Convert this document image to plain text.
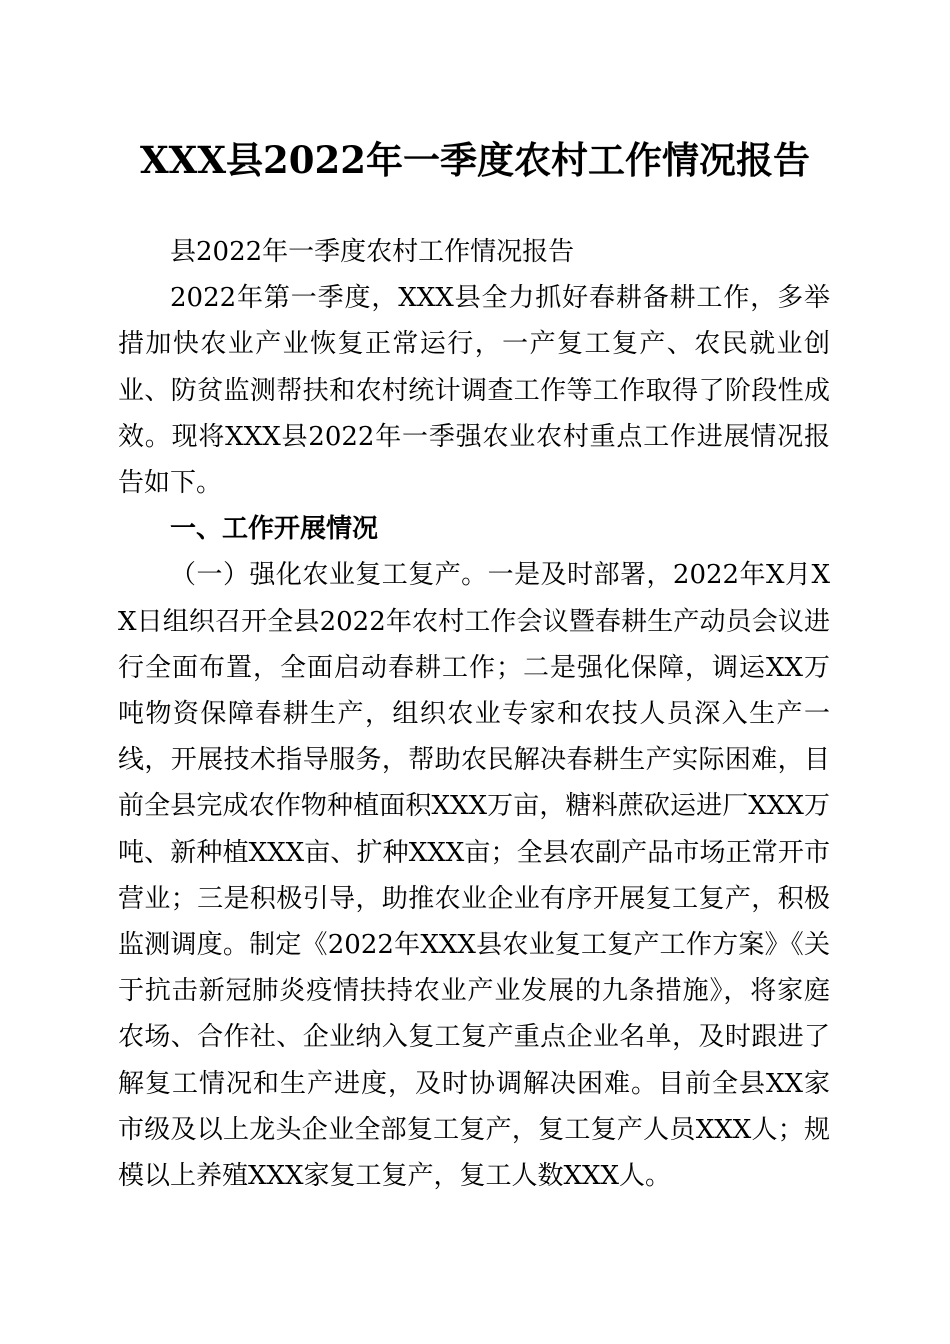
XXX县2022年一季度农村工作情况报告

县2022年一季度农村工作情况报告

2022年第一季度，XXX县全力抓好春耕备耕工作，多举措加快农业产业恢复正常运行，一产复工复产、农民就业创业、防贫监测帮扶和农村统计调查工作等工作取得了阶段性成效。现将XXX县2022年一季强农业农村重点工作进展情况报告如下。

一、工作开展情况

（一）强化农业复工复产。一是及时部署，2022年X月XX日组织召开全县2022年农村工作会议暨春耕生产动员会议进行全面布置，全面启动春耕工作；二是强化保障，调运XX万吨物资保障春耕生产，组织农业专家和农技人员深入生产一线，开展技术指导服务，帮助农民解决春耕生产实际困难，目前全县完成农作物种植面积XXX万亩，糖料蔗砍运进厂XXX万吨、新种植XXX亩、扩种XXX亩；全县农副产品市场正常开市营业；三是积极引导，助推农业企业有序开展复工复产，积极监测调度。制定《2022年XXX县农业复工复产工作方案》《关于抗击新冠肺炎疫情扶持农业产业发展的九条措施》，将家庭农场、合作社、企业纳入复工复产重点企业名单，及时跟进了解复工情况和生产进度，及时协调解决困难。目前全县XX家市级及以上龙头企业全部复工复产，复工复产人员XXX人；规模以上养殖XXX家复工复产，复工人数XXX人。
